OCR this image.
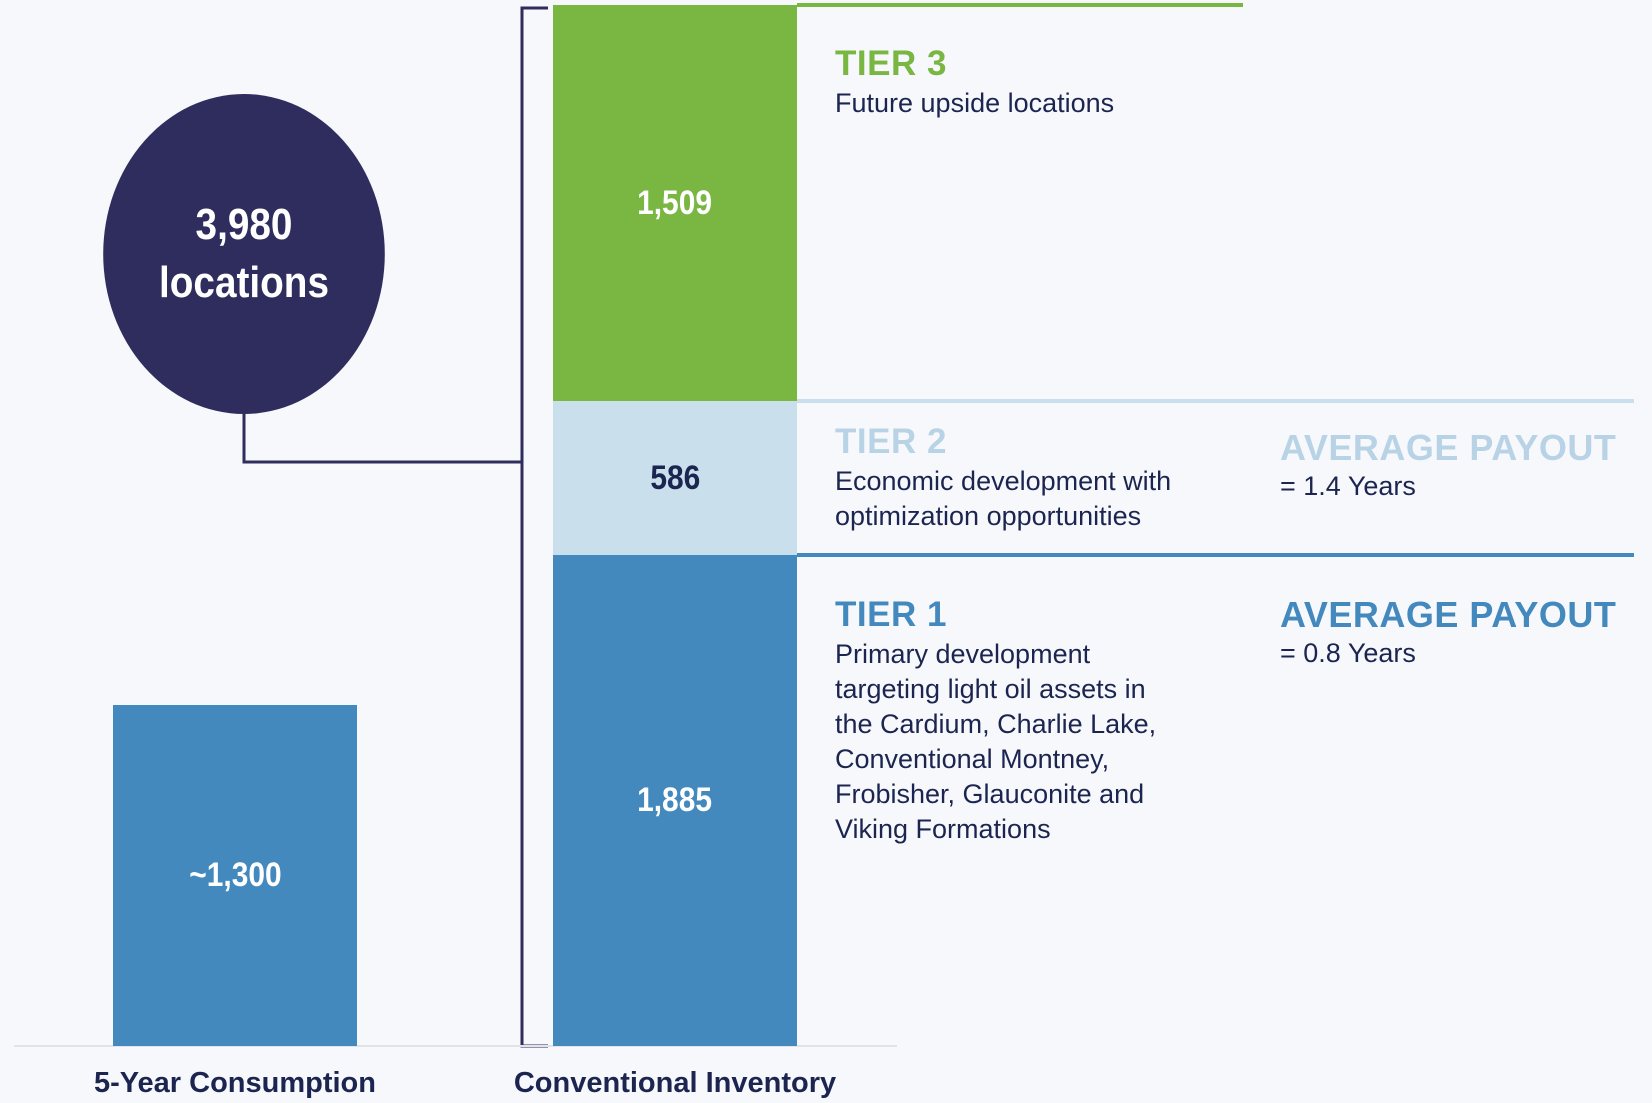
3,980
locations
~1,300
1,509
586
1,885
TIER 3
Future upside locations
TIER 2
Economic development with
optimization opportunities
AVERAGE PAYOUT
= 1.4 Years
TIER 1
Primary development
targeting light oil assets in
the Cardium, Charlie Lake,
Conventional Montney,
Frobisher, Glauconite and
Viking Formations
AVERAGE PAYOUT
= 0.8 Years
5-Year Consumption	Conventional Inventory
